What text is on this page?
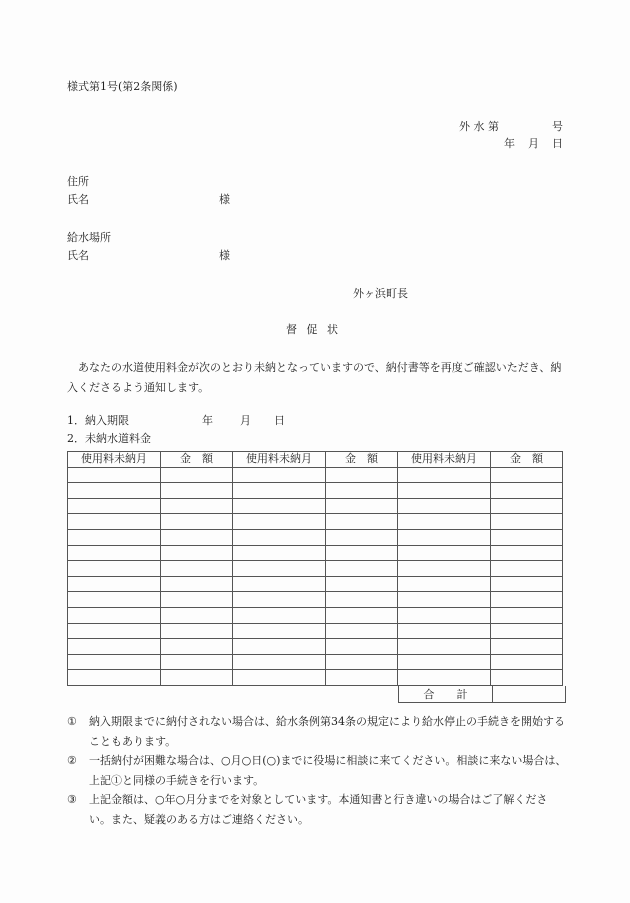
様式第1号(第2条関係)
外 水 第	号
年 月 日
住所
氏名	様
給水場所
氏名	様
外ヶ浜町長
督 促 状
　あなたの水道使用料金が次のとおり未納となっていますので、納付書等を再度ご確認いただき、納入くださるよう通知します。
1．納入期限	年 月 日
2．未納水道料金
使用料未納月	金　額	使用料未納月	金　額	使用料未納月	金　額

合　　計	
①	納入期限までに納付されない場合は、給水条例第34条の規定により給水停止の手続きを開始することもあります。
②	一括納付が困難な場合は、○月○日(○)までに役場に相談に来てください。相談に来ない場合は、上記①と同様の手続きを行います。
③	上記金額は、○年○月分までを対象としています。本通知書と行き違いの場合はご了解ください。また、疑義のある方はご連絡ください。
